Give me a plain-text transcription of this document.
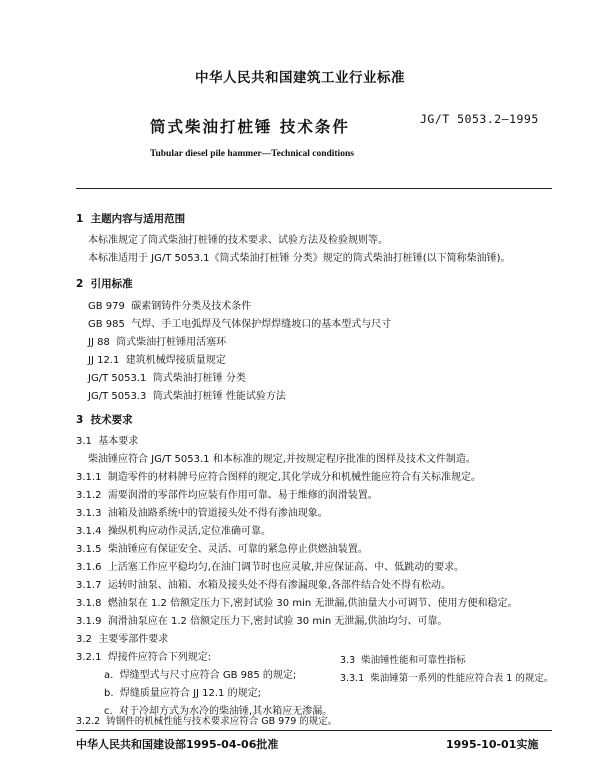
中华人民共和国建筑工业行业标准
筒式柴油打桩锤 技术条件	JG/T 5053.2—1995
Tubular diesel pile hammer—Technical conditions
1 主题内容与适用范围
本标准规定了筒式柴油打桩锤的技术要求、试验方法及检验规则等。
本标准适用于 JG/T 5053.1《筒式柴油打桩锤 分类》规定的筒式柴油打桩锤(以下简称柴油锤)。
2 引用标准
GB 979 碳素钢铸件分类及技术条件
GB 985 气焊、手工电弧焊及气体保护焊焊缝坡口的基本型式与尺寸
JJ 88 筒式柴油打桩锤用活塞环
JJ 12.1 建筑机械焊接质量规定
JG/T 5053.1 筒式柴油打桩锤 分类
JG/T 5053.3 筒式柴油打桩锤 性能试验方法
3 技术要求
3.1 基本要求
柴油锤应符合 JG/T 5053.1 和本标准的规定,并按规定程序批准的图样及技术文件制造。
3.1.1 制造零件的材料牌号应符合图样的规定,其化学成分和机械性能应符合有关标准规定。
3.1.2 需要润滑的零部件均应装有作用可靠、易于维修的润滑装置。
3.1.3 油箱及油路系统中的管道接头处不得有渗油现象。
3.1.4 操纵机构应动作灵活,定位准确可靠。
3.1.5 柴油锤应有保证安全、灵活、可靠的紧急停止供燃油装置。
3.1.6 上活塞工作应平稳均匀,在油门调节时也应灵敏,并应保证高、中、低跳动的要求。
3.1.7 运转时油泵、油箱、水箱及接头处不得有渗漏现象,各部件结合处不得有松动。
3.1.8 燃油泵在 1.2 倍额定压力下,密封试验 30 min 无泄漏,供油量大小可调节、使用方便和稳定。
3.1.9 润滑油泵应在 1.2 倍额定压力下,密封试验 30 min 无泄漏,供油均匀、可靠。
3.2 主要零部件要求
3.2.1 焊接件应符合下列规定:
a. 焊缝型式与尺寸应符合 GB 985 的规定;
b. 焊缝质量应符合 JJ 12.1 的规定;
c. 对于冷却方式为水冷的柴油锤,其水箱应无渗漏。
中华人民共和国建设部1995-04-06批准	1995-10-01实施
3.2.2 铸钢件的机械性能与技术要求应符合 GB 979 的规定。
3.3 柴油锤性能和可靠性指标
3.3.1 柴油锤第一系列的性能应符合表 1 的规定。
